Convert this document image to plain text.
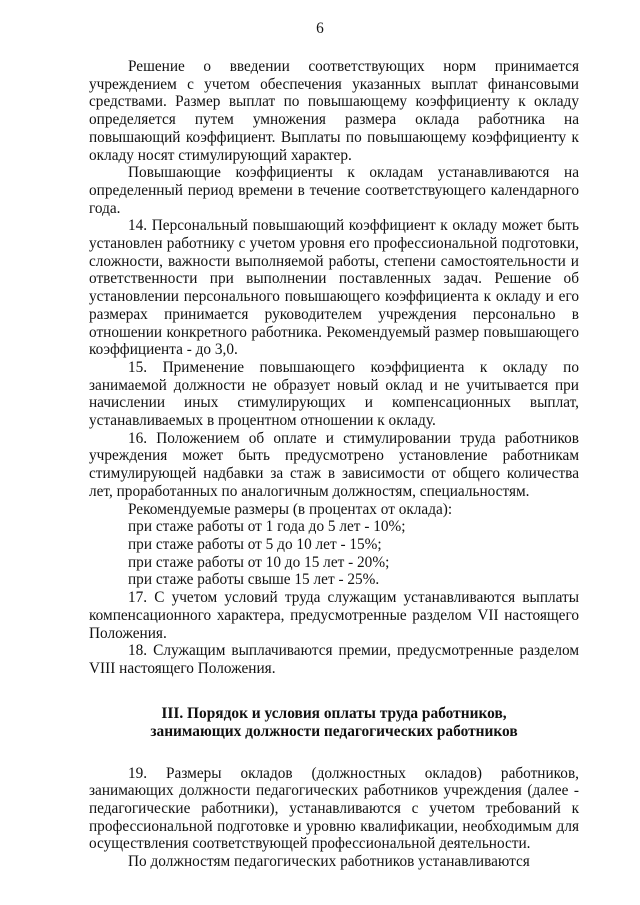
6

Решение о введении соответствующих норм принимается учреждением с учетом обеспечения указанных выплат финансовыми средствами. Размер выплат по повышающему коэффициенту к окладу определяется путем умножения размера оклада работника на повышающий коэффициент. Выплаты по повышающему коэффициенту к окладу носят стимулирующий характер.

Повышающие коэффициенты к окладам устанавливаются на определенный период времени в течение соответствующего календарного года.

14. Персональный повышающий коэффициент к окладу может быть установлен работнику с учетом уровня его профессиональной подготовки, сложности, важности выполняемой работы, степени самостоятельности и ответственности при выполнении поставленных задач. Решение об установлении персонального повышающего коэффициента к окладу и его размерах принимается руководителем учреждения персонально в отношении конкретного работника. Рекомендуемый размер повышающего коэффициента - до 3,0.

15. Применение повышающего коэффициента к окладу по занимаемой должности не образует новый оклад и не учитывается при начислении иных стимулирующих и компенсационных выплат, устанавливаемых в процентном отношении к окладу.

16. Положением об оплате и стимулировании труда работников учреждения может быть предусмотрено установление работникам стимулирующей надбавки за стаж в зависимости от общего количества лет, проработанных по аналогичным должностям, специальностям.

Рекомендуемые размеры (в процентах от оклада):

при стаже работы от 1 года до 5 лет - 10%;

при стаже работы от 5 до 10 лет - 15%;

при стаже работы от 10 до 15 лет - 20%;

при стаже работы свыше 15 лет - 25%.

17. С учетом условий труда служащим устанавливаются выплаты компенсационного характера, предусмотренные разделом VII настоящего Положения.

18. Служащим выплачиваются премии, предусмотренные разделом VIII настоящего Положения.

III. Порядок и условия оплаты труда работников,
занимающих должности педагогических работников

19. Размеры окладов (должностных окладов) работников, занимающих должности педагогических работников учреждения (далее - педагогические работники), устанавливаются с учетом требований к профессиональной подготовке и уровню квалификации, необходимым для осуществления соответствующей профессиональной деятельности.

По должностям педагогических работников устанавливаются
